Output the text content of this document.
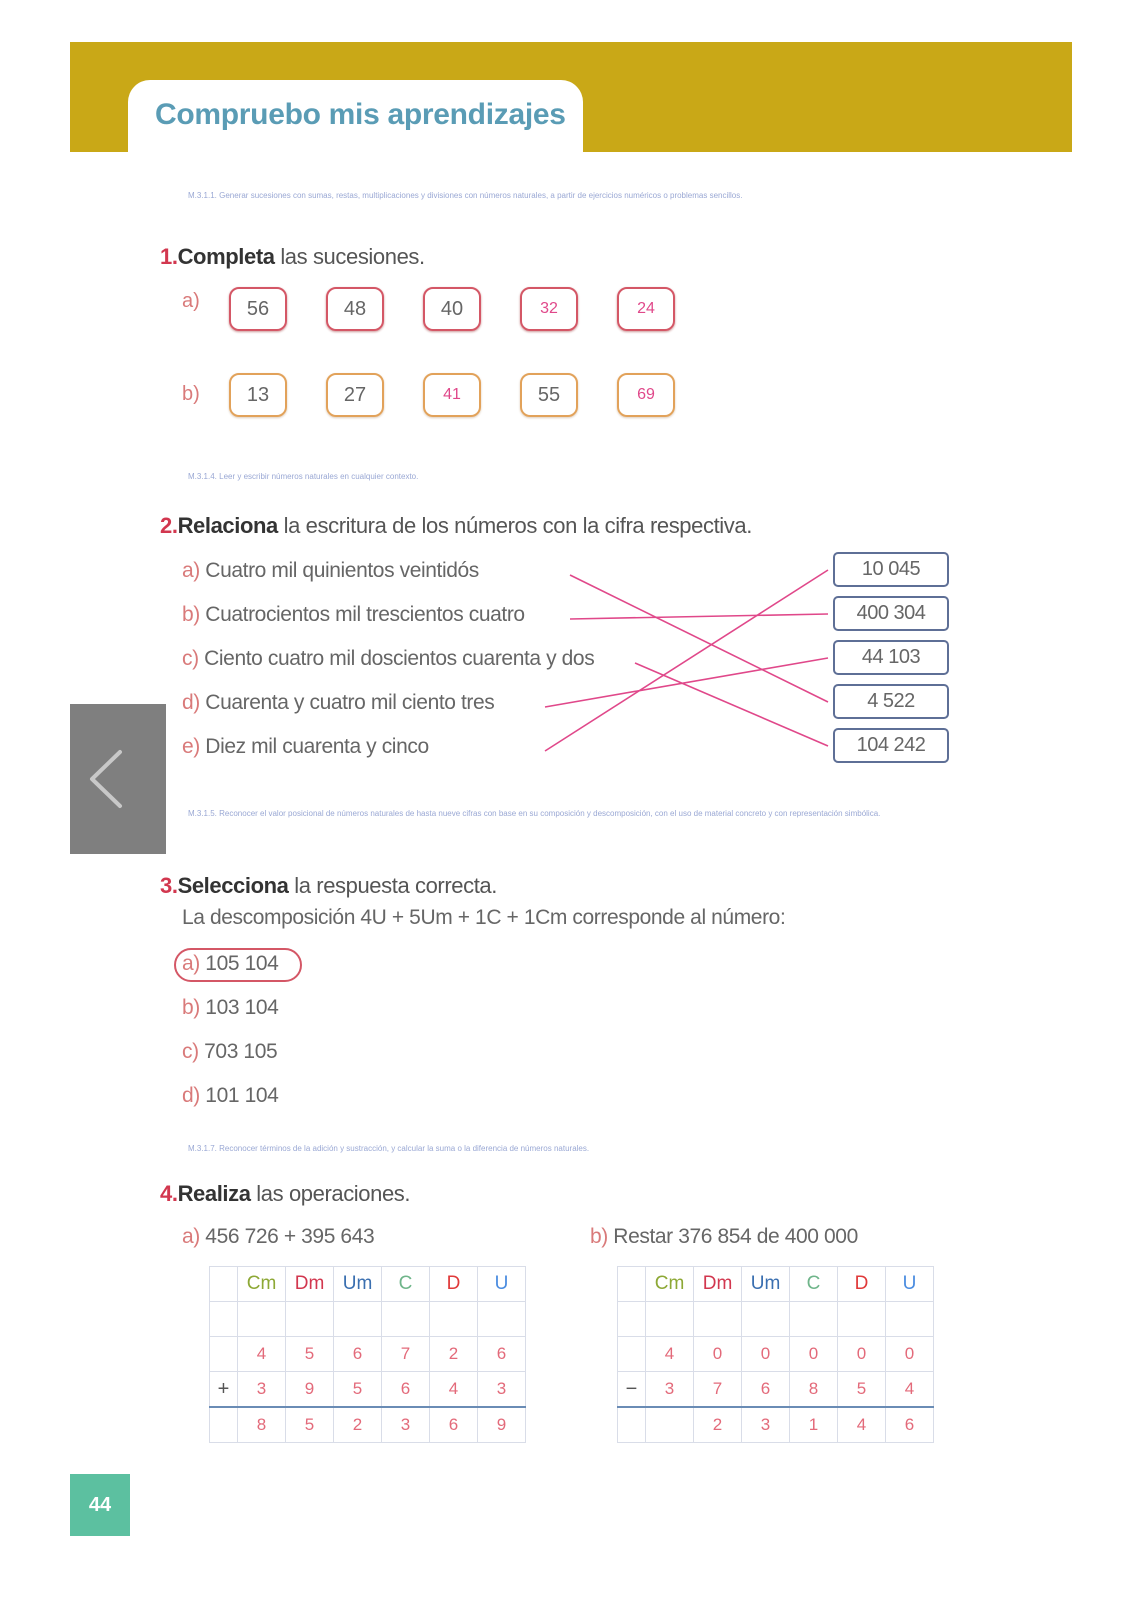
Compruebo mis aprendizajes
M.3.1.1. Generar sucesiones con sumas, restas, multiplicaciones y divisiones con números naturales, a partir de ejercicios numéricos o problemas sencillos.
1.Completa las sucesiones.
a)	56	48	40	32	24
b)	13	27	41	55	69
M.3.1.4. Leer y escribir números naturales en cualquier contexto.
2.Relaciona la escritura de los números con la cifra respectiva.
a) Cuatro mil quinientos veintidós
b) Cuatrocientos mil trescientos cuatro
c) Ciento cuatro mil doscientos cuarenta y dos
d) Cuarenta y cuatro mil ciento tres
e) Diez mil cuarenta y cinco
10 045
400 304
44 103
4 522
104 242
M.3.1.5. Reconocer el valor posicional de números naturales de hasta nueve cifras con base en su composición y descomposición, con el uso de material concreto y con representación simbólica.
3.Selecciona la respuesta correcta.
La descomposición 4U + 5Um + 1C + 1Cm corresponde al número:
a) 105 104
b) 103 104
c) 703 105
d) 101 104
M.3.1.7. Reconocer términos de la adición y sustracción, y calcular la suma o la diferencia de números naturales.
4.Realiza las operaciones.
a) 456 726 + 395 643	b) Restar 376 854 de 400 000
	Cm	Dm	Um	C	D	U

	4	5	6	7	2	6
+	3	9	5	6	4	3
	8	5	2	3	6	9
	Cm	Dm	Um	C	D	U

	4	0	0	0	0	0
−	3	7	6	8	5	4
		2	3	1	4	6
44
